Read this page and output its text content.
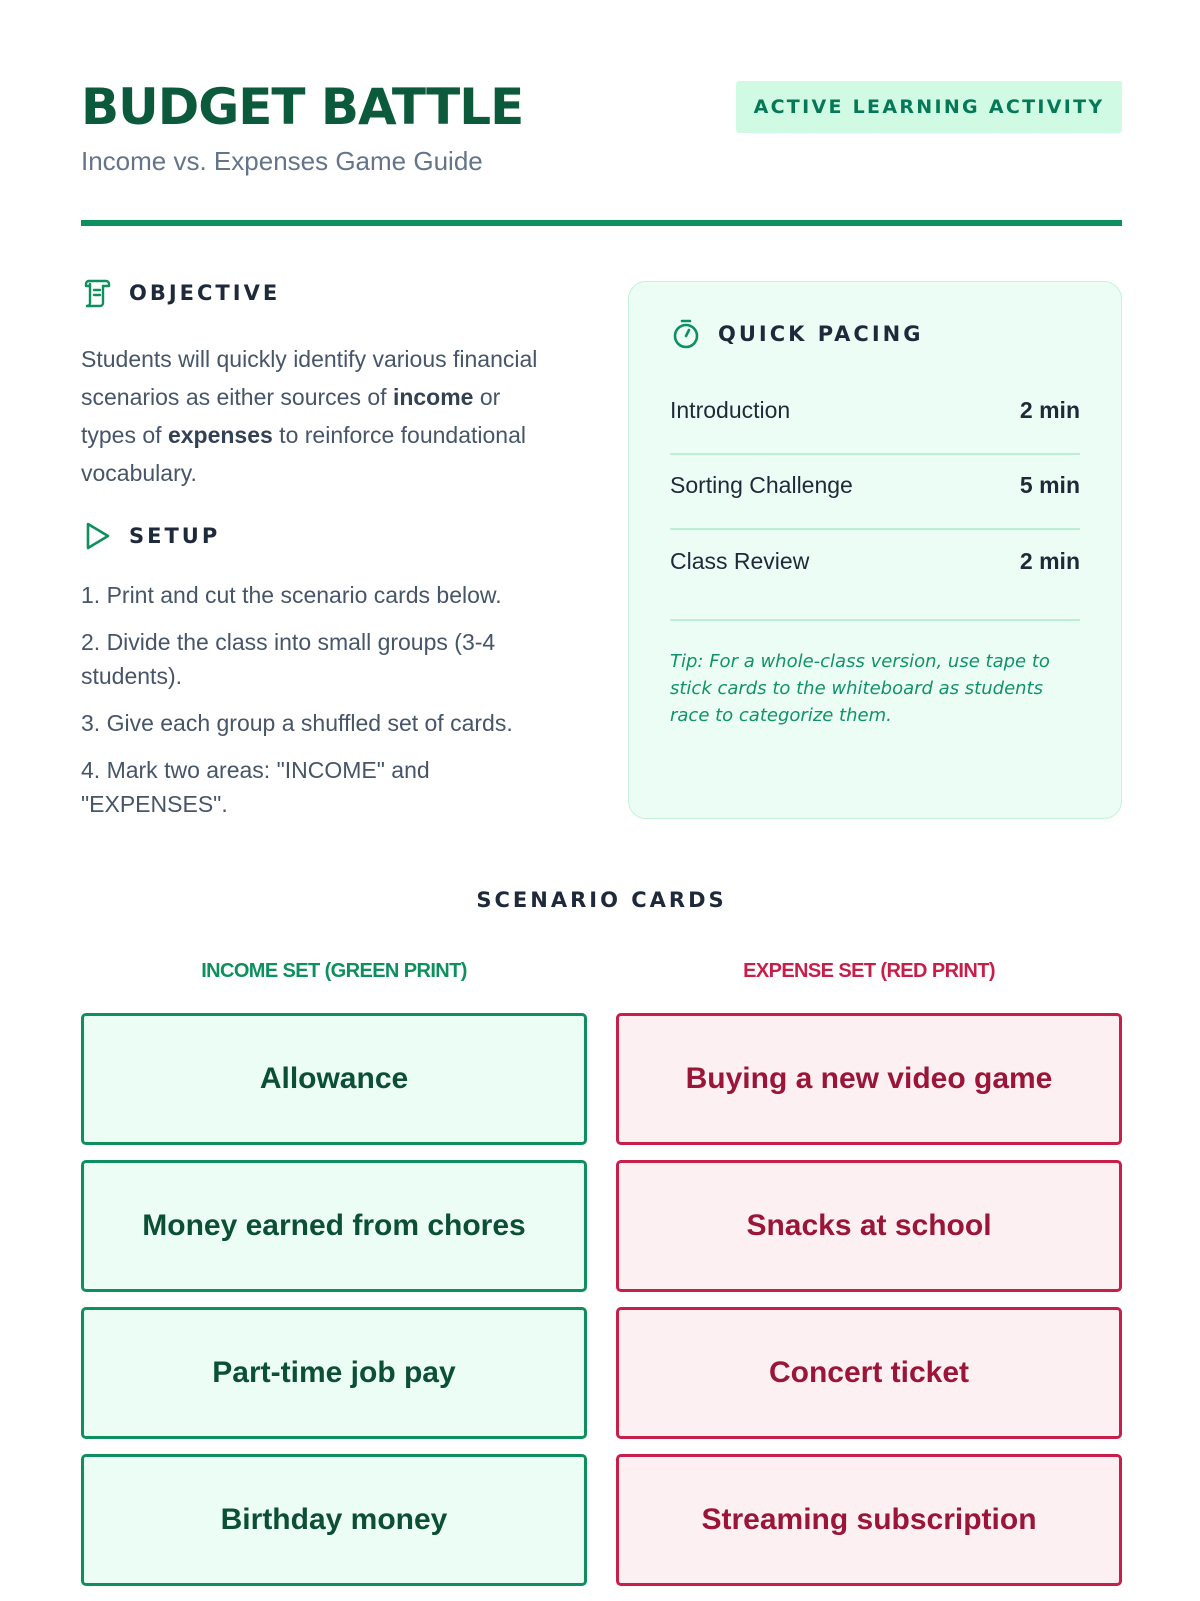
BUDGET BATTLE
Income vs. Expenses Game Guide
ACTIVE LEARNING ACTIVITY
OBJECTIVE

Students will quickly identify various financial scenarios as either sources of income or types of expenses to reinforce foundational vocabulary.

SETUP
1. Print and cut the scenario cards below.
2. Divide the class into small groups (3-4 students).
3. Give each group a shuffled set of cards.
4. Mark two areas: "INCOME" and "EXPENSES".
QUICK PACING
Introduction	2 min
Sorting Challenge	5 min
Class Review	2 min
Tip: For a whole-class version, use tape to stick cards to the whiteboard as students race to categorize them.
SCENARIO CARDS
INCOME SET (GREEN PRINT)	EXPENSE SET (RED PRINT)
Allowance
Money earned from chores
Part-time job pay
Birthday money
Buying a new video game
Snacks at school
Concert ticket
Streaming subscription
